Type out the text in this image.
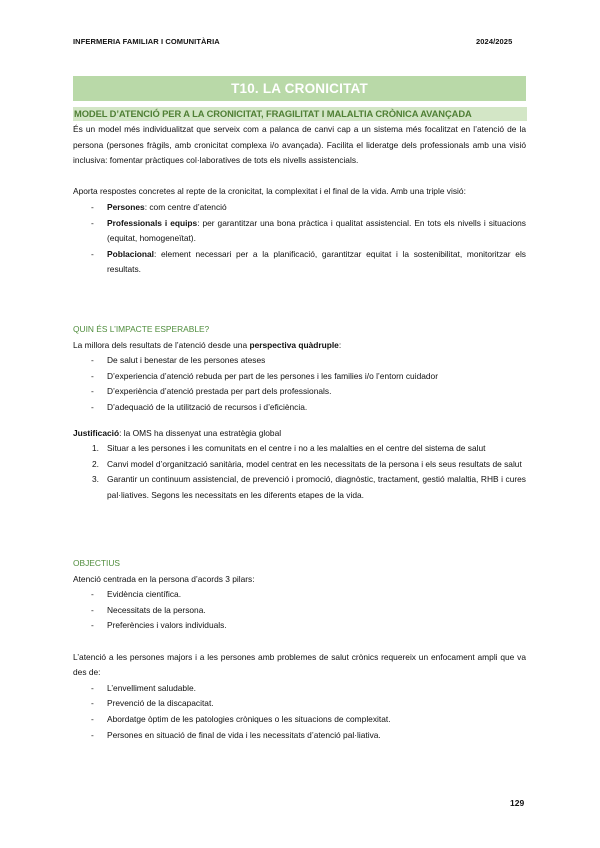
INFERMERIA FAMILIAR I COMUNITÀRIA	2024/2025
T10. LA CRONICITAT
MODEL D’ATENCIÓ PER A LA CRONICITAT, FRAGILITAT I MALALTIA CRÒNICA AVANÇADA
És un model més individualitzat que serveix com a palanca de canvi cap a un sistema més focalitzat en l’atenció de la persona (persones fràgils, amb cronicitat complexa i/o avançada). Facilita el lideratge dels professionals amb una visió inclusiva: fomentar pràctiques col·laboratives de tots els nivells assistencials.
Aporta respostes concretes al repte de la cronicitat, la complexitat i el final de la vida. Amb una triple visió:
-	Persones: com centre d’atenció
-	Professionals i equips: per garantitzar una bona pràctica i qualitat assistencial. En tots els nivells i situacions (equitat, homogeneïtat).
-	Poblacional: element necessari per a la planificació, garantitzar equitat i la sostenibilitat, monitoritzar els resultats.
QUIN ÉS L’IMPACTE ESPERABLE?
La millora dels resultats de l’atenció desde una perspectiva quàdruple:
-	De salut i benestar de les persones ateses
-	D’experiencia d’atenció rebuda per part de les persones i les families i/o l’entorn cuidador
-	D’experiència d’atenció prestada per part dels professionals.
-	D’adequació de la utilització de recursos i d’eficiència.
Justificació: la OMS ha dissenyat una estratègia global
1. Situar a les persones i les comunitats en el centre i no a les malalties en el centre del sistema de salut
2. Canvi model d’organització sanitària, model centrat en les necessitats de la persona i els seus resultats de salut
3. Garantir un continuum assistencial, de prevenció i promoció, diagnòstic, tractament, gestió malaltia, RHB i cures pal·liatives. Segons les necessitats en les diferents etapes de la vida.
OBJECTIUS
Atenció centrada en la persona d’acords 3 pilars:
-	Evidència científica.
-	Necessitats de la persona.
-	Preferències i valors individuals.
L’atenció a les persones majors i a les persones amb problemes de salut crònics requereix un enfocament ampli que va des de:
-	L’envelliment saludable.
-	Prevenció de la discapacitat.
-	Abordatge òptim de les patologies cròniques o les situacions de complexitat.
-	Persones en situació de final de vida i les necessitats d’atenció pal·liativa.
129
